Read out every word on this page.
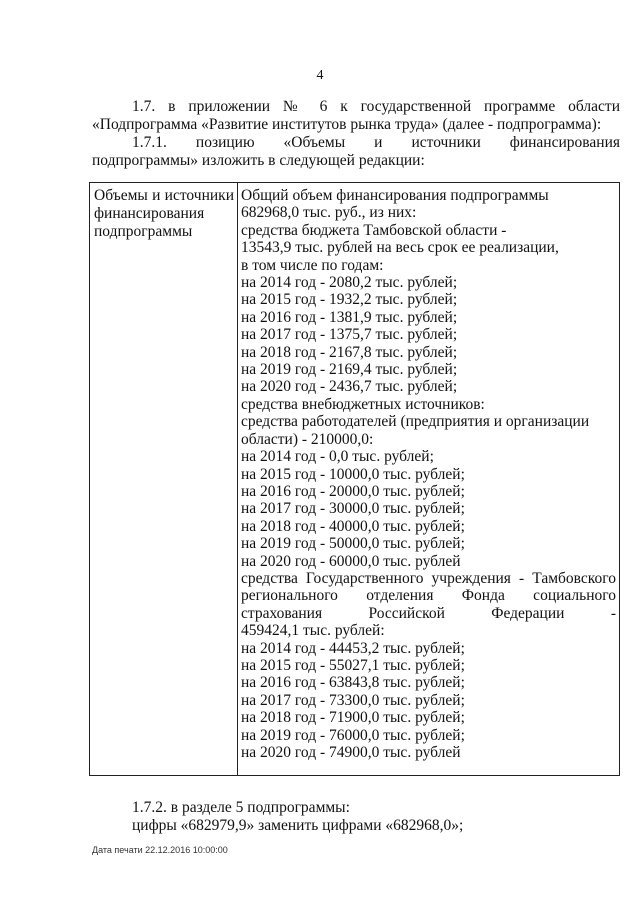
4
1.7. в приложении № 6 к государственной программе области
«Подпрограмма «Развитие институтов рынка труда» (далее - подпрограмма):
1.7.1. позицию «Объемы и источники финансирования
подпрограммы» изложить в следующей редакции:
Объемы и источники
финансирования
подпрограммы
Общий объем финансирования подпрограммы
682968,0 тыс. руб., из них:
средства бюджета Тамбовской области -
13543,9 тыс. рублей на весь срок ее реализации,
в том числе по годам:
на 2014 год - 2080,2 тыс. рублей;
на 2015 год - 1932,2 тыс. рублей;
на 2016 год - 1381,9 тыс. рублей;
на 2017 год - 1375,7 тыс. рублей;
на 2018 год - 2167,8 тыс. рублей;
на 2019 год - 2169,4 тыс. рублей;
на 2020 год - 2436,7 тыс. рублей;
средства внебюджетных источников:
средства работодателей (предприятия и организации
области) - 210000,0:
на 2014 год - 0,0 тыс. рублей;
на 2015 год - 10000,0 тыс. рублей;
на 2016 год - 20000,0 тыс. рублей;
на 2017 год - 30000,0 тыс. рублей;
на 2018 год - 40000,0 тыс. рублей;
на 2019 год - 50000,0 тыс. рублей;
на 2020 год - 60000,0 тыс. рублей
средства Государственного учреждения - Тамбовского
регионального отделения Фонда социального
страхования Российской Федерации -
459424,1 тыс. рублей:
на 2014 год - 44453,2 тыс. рублей;
на 2015 год - 55027,1 тыс. рублей;
на 2016 год - 63843,8 тыс. рублей;
на 2017 год - 73300,0 тыс. рублей;
на 2018 год - 71900,0 тыс. рублей;
на 2019 год - 76000,0 тыс. рублей;
на 2020 год - 74900,0 тыс. рублей
1.7.2. в разделе 5 подпрограммы:
цифры «682979,9» заменить цифрами «682968,0»;
Дата печати 22.12.2016 10:00:00
